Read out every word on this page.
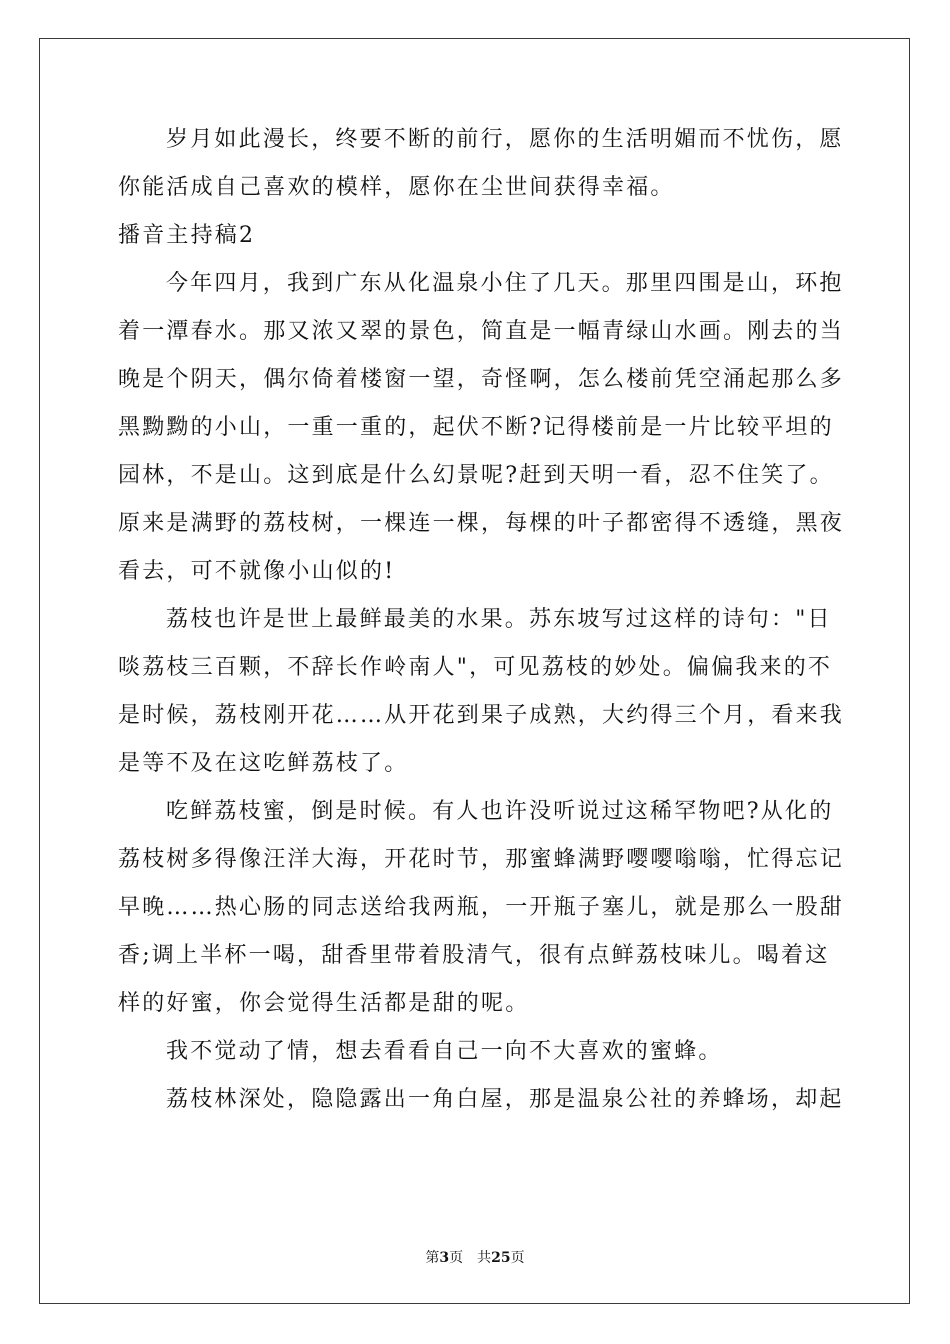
岁月如此漫长，终要不断的前行，愿你的生活明媚而不忧伤，愿
你能活成自己喜欢的模样，愿你在尘世间获得幸福。
播音主持稿2
今年四月，我到广东从化温泉小住了几天。那里四围是山，环抱
着一潭春水。那又浓又翠的景色，简直是一幅青绿山水画。刚去的当
晚是个阴天，偶尔倚着楼窗一望，奇怪啊，怎么楼前凭空涌起那么多
黑黝黝的小山，一重一重的，起伏不断?记得楼前是一片比较平坦的
园林，不是山。这到底是什么幻景呢?赶到天明一看，忍不住笑了。
原来是满野的荔枝树，一棵连一棵，每棵的叶子都密得不透缝，黑夜
看去，可不就像小山似的!
荔枝也许是世上最鲜最美的水果。苏东坡写过这样的诗句："日
啖荔枝三百颗，不辞长作岭南人"，可见荔枝的妙处。偏偏我来的不
是时候，荔枝刚开花……从开花到果子成熟，大约得三个月，看来我
是等不及在这吃鲜荔枝了。
吃鲜荔枝蜜，倒是时候。有人也许没听说过这稀罕物吧?从化的
荔枝树多得像汪洋大海，开花时节，那蜜蜂满野嘤嘤嗡嗡，忙得忘记
早晚……热心肠的同志送给我两瓶，一开瓶子塞儿，就是那么一股甜
香;调上半杯一喝，甜香里带着股清气，很有点鲜荔枝味儿。喝着这
样的好蜜，你会觉得生活都是甜的呢。
我不觉动了情，想去看看自己一向不大喜欢的蜜蜂。
荔枝林深处，隐隐露出一角白屋，那是温泉公社的养蜂场，却起
第3页 共25页
